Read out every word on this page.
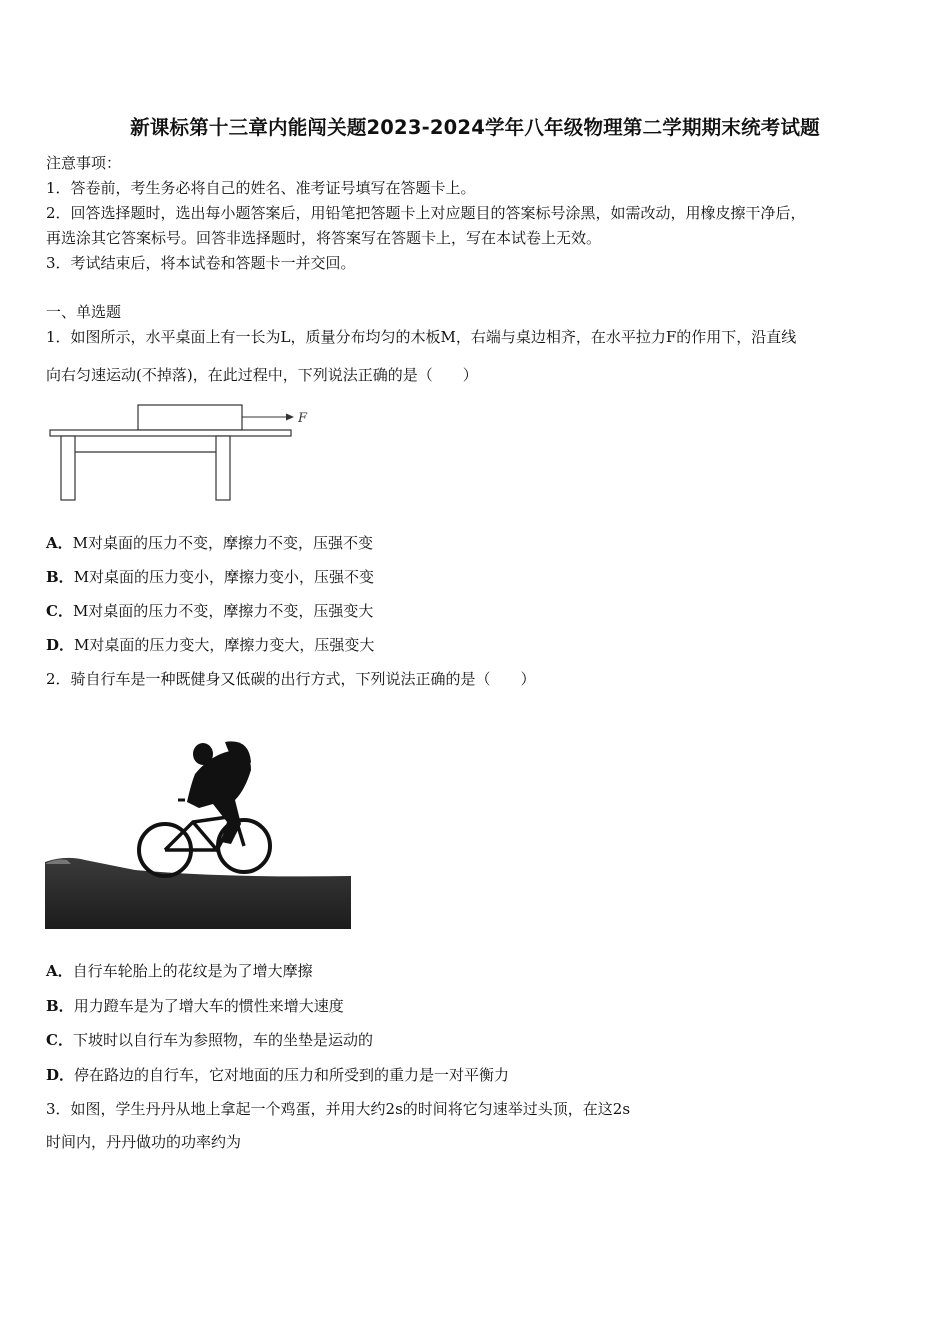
新课标第十三章内能闯关题2023-2024学年八年级物理第二学期期末统考试题
注意事项：
1．答卷前，考生务必将自己的姓名、准考证号填写在答题卡上。
2．回答选择题时，选出每小题答案后，用铅笔把答题卡上对应题目的答案标号涂黑，如需改动，用橡皮擦干净后，
再选涂其它答案标号。回答非选择题时，将答案写在答题卡上，写在本试卷上无效。
3．考试结束后，将本试卷和答题卡一并交回。
一、单选题
1．如图所示，水平桌面上有一长为L，质量分布均匀的木板M，右端与桌边相齐，在水平拉力F的作用下，沿直线
向右匀速运动(不掉落)，在此过程中，下列说法正确的是（　　）
F
A．M对桌面的压力不变，摩擦力不变，压强不变
B．M对桌面的压力变小，摩擦力变小，压强不变
C．M对桌面的压力不变，摩擦力不变，压强变大
D．M对桌面的压力变大，摩擦力变大，压强变大
2．骑自行车是一种既健身又低碳的出行方式，下列说法正确的是（　　）
A．自行车轮胎上的花纹是为了增大摩擦
B．用力蹬车是为了增大车的惯性来增大速度
C．下坡时以自行车为参照物，车的坐垫是运动的
D．停在路边的自行车，它对地面的压力和所受到的重力是一对平衡力
3．如图，学生丹丹从地上拿起一个鸡蛋，并用大约2s的时间将它匀速举过头顶，在这2s
时间内，丹丹做功的功率约为
